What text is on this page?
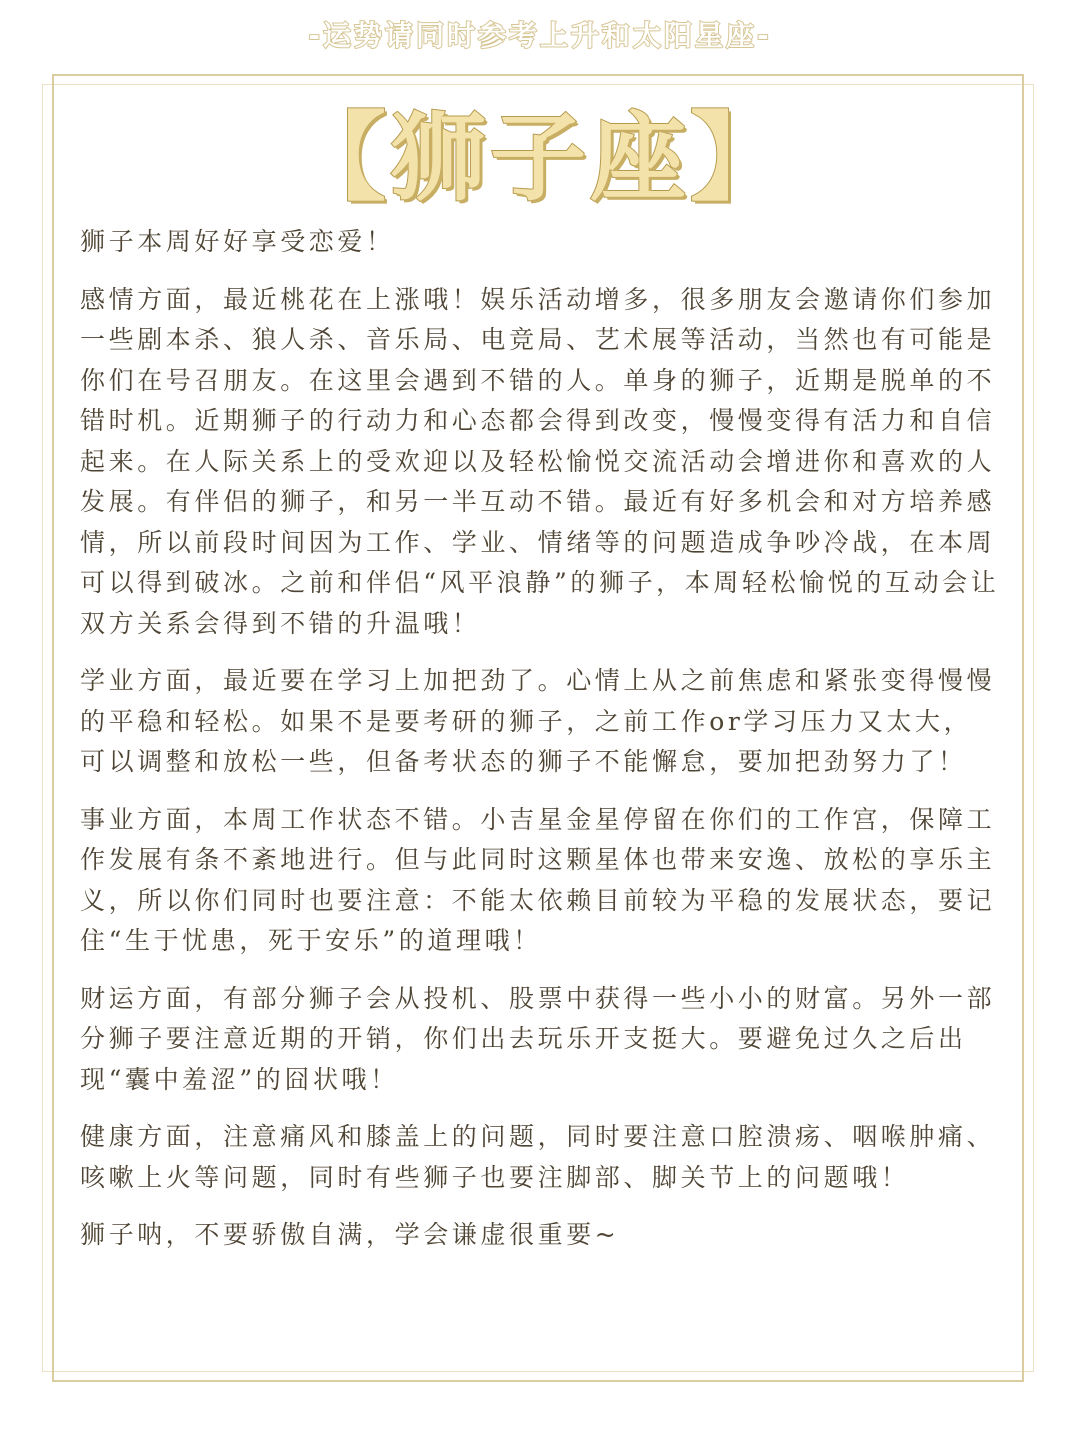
-运势请同时参考上升和太阳星座-
【狮子座】

狮子本周好好享受恋爱！

感情方面，最近桃花在上涨哦！娱乐活动增多，很多朋友会邀请你们参加一些剧本杀、狼人杀、音乐局、电竞局、艺术展等活动，当然也有可能是你们在号召朋友。在这里会遇到不错的人。单身的狮子，近期是脱单的不错时机。近期狮子的行动力和心态都会得到改变，慢慢变得有活力和自信起来。在人际关系上的受欢迎以及轻松愉悦交流活动会增进你和喜欢的人发展。有伴侣的狮子，和另一半互动不错。最近有好多机会和对方培养感情，所以前段时间因为工作、学业、情绪等的问题造成争吵冷战，在本周可以得到破冰。之前和伴侣“风平浪静”的狮子，本周轻松愉悦的互动会让双方关系会得到不错的升温哦！

学业方面，最近要在学习上加把劲了。心情上从之前焦虑和紧张变得慢慢的平稳和轻松。如果不是要考研的狮子，之前工作or学习压力又太大，可以调整和放松一些，但备考状态的狮子不能懈怠，要加把劲努力了！

事业方面，本周工作状态不错。小吉星金星停留在你们的工作宫，保障工作发展有条不紊地进行。但与此同时这颗星体也带来安逸、放松的享乐主义，所以你们同时也要注意：不能太依赖目前较为平稳的发展状态，要记住“生于忧患，死于安乐”的道理哦！

财运方面，有部分狮子会从投机、股票中获得一些小小的财富。另外一部分狮子要注意近期的开销，你们出去玩乐开支挺大。要避免过久之后出现“囊中羞涩”的囧状哦！

健康方面，注意痛风和膝盖上的问题，同时要注意口腔溃疡、咽喉肿痛、咳嗽上火等问题，同时有些狮子也要注脚部、脚关节上的问题哦！

狮子呐，不要骄傲自满，学会谦虚很重要~
